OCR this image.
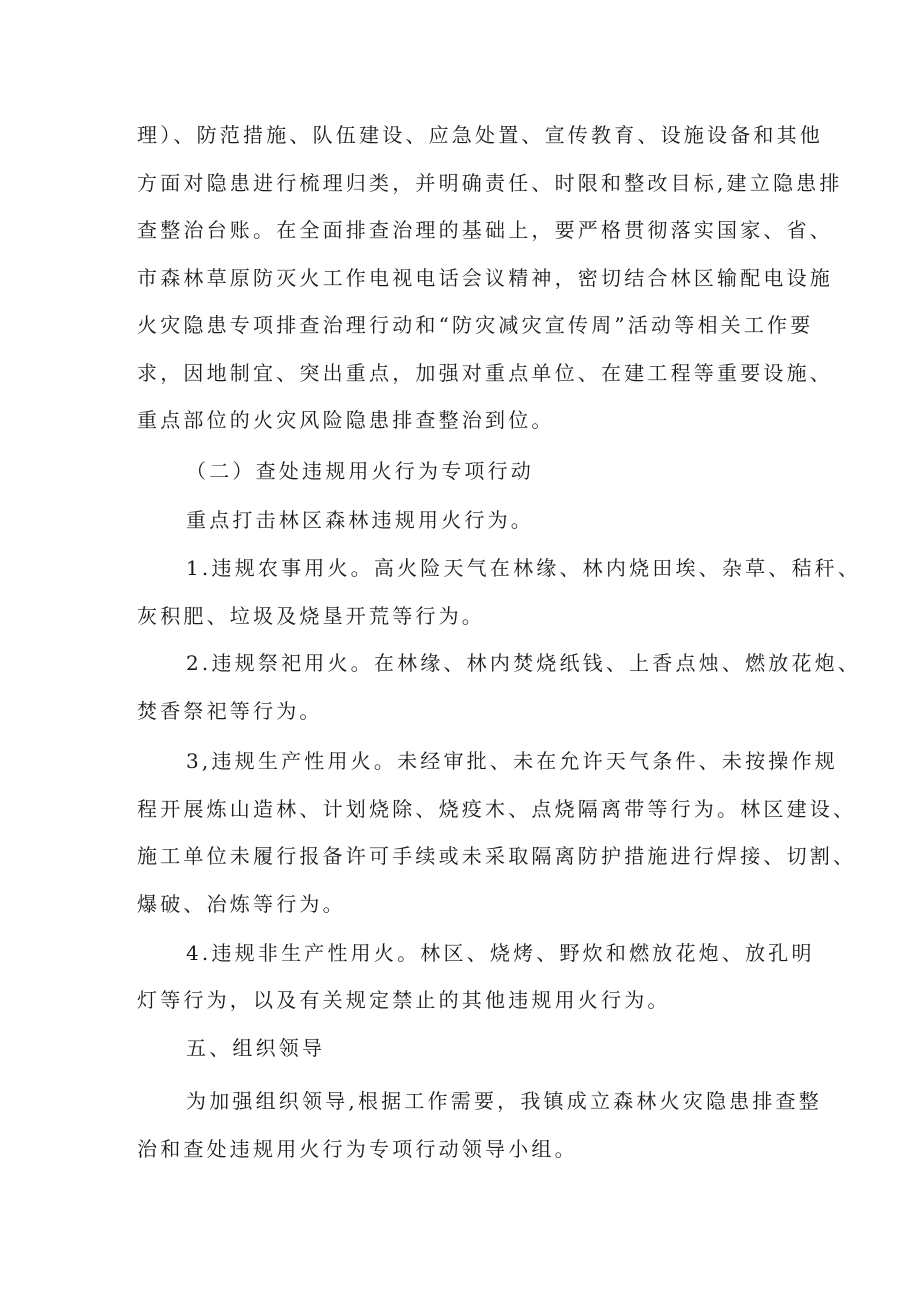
理）、防范措施、队伍建设、应急处置、宣传教育、设施设备和其他
方面对隐患进行梳理归类，并明确责任、时限和整改目标,建立隐患排
查整治台账。在全面排查治理的基础上，要严格贯彻落实国家、省、
市森林草原防灭火工作电视电话会议精神，密切结合林区输配电设施
火灾隐患专项排查治理行动和“防灾减灾宣传周”活动等相关工作要
求，因地制宜、突出重点，加强对重点单位、在建工程等重要设施、
重点部位的火灾风险隐患排查整治到位。
（二）查处违规用火行为专项行动
重点打击林区森林违规用火行为。
1.违规农事用火。高火险天气在林缘、林内烧田埃、杂草、秸秆、
灰积肥、垃圾及烧垦开荒等行为。
2.违规祭祀用火。在林缘、林内焚烧纸钱、上香点烛、燃放花炮、
焚香祭祀等行为。
3,违规生产性用火。未经审批、未在允许天气条件、未按操作规
程开展炼山造林、计划烧除、烧疫木、点烧隔离带等行为。林区建设、
施工单位未履行报备许可手续或未采取隔离防护措施进行焊接、切割、
爆破、冶炼等行为。
4.违规非生产性用火。林区、烧烤、野炊和燃放花炮、放孔明
灯等行为，以及有关规定禁止的其他违规用火行为。
五、组织领导
为加强组织领导,根据工作需要，我镇成立森林火灾隐患排查整
治和查处违规用火行为专项行动领导小组。
